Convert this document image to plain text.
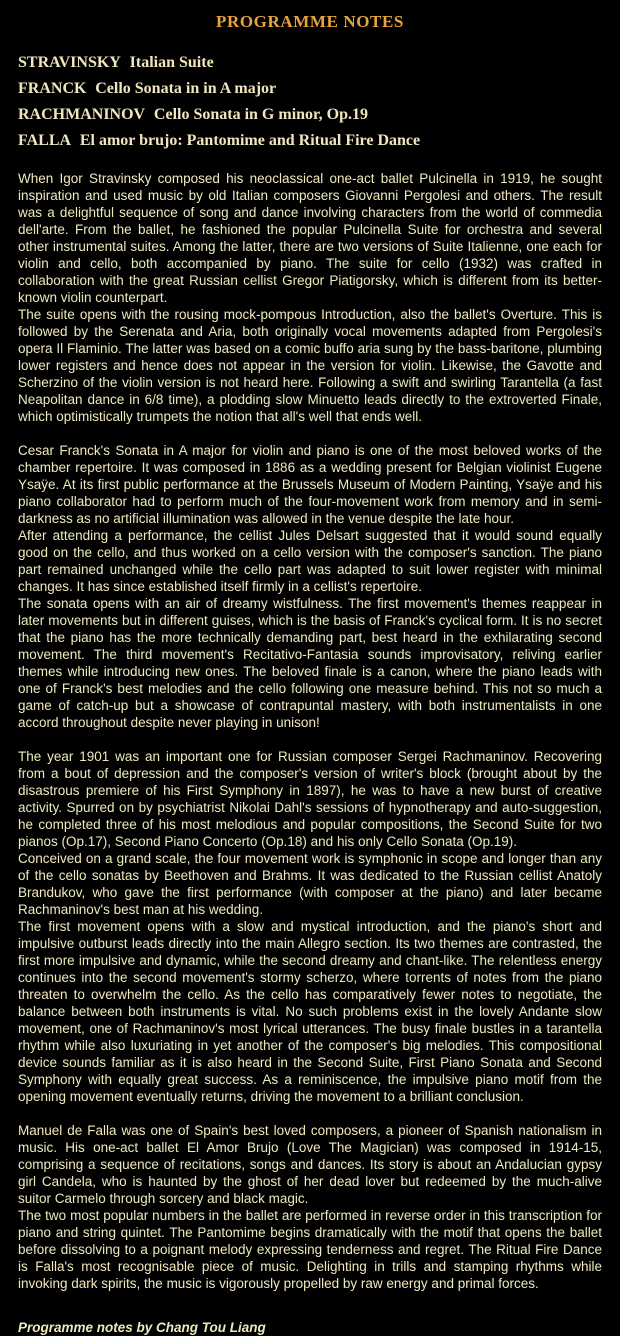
PROGRAMME NOTES
STRAVINSKY Italian Suite
FRANCK Cello Sonata in in A major
RACHMANINOV Cello Sonata in G minor, Op.19
FALLA El amor brujo: Pantomime and Ritual Fire Dance

When Igor Stravinsky composed his neoclassical one-act ballet Pulcinella in 1919, he sought inspiration and used music by old Italian composers Giovanni Pergolesi and others. The result was a delightful sequence of song and dance involving characters from the world of commedia dell'arte. From the ballet, he fashioned the popular Pulcinella Suite for orchestra and several other instrumental suites. Among the latter, there are two versions of Suite Italienne, one each for violin and cello, both accompanied by piano. The suite for cello (1932) was crafted in collaboration with the great Russian cellist Gregor Piatigorsky, which is different from its better-known violin counterpart.

The suite opens with the rousing mock-pompous Introduction, also the ballet's Overture. This is followed by the Serenata and Aria, both originally vocal movements adapted from Pergolesi's opera Il Flaminio. The latter was based on a comic buffo aria sung by the bass-baritone, plumbing lower registers and hence does not appear in the version for violin. Likewise, the Gavotte and Scherzino of the violin version is not heard here. Following a swift and swirling Tarantella (a fast Neapolitan dance in 6/8 time), a plodding slow Minuetto leads directly to the extroverted Finale, which optimistically trumpets the notion that all's well that ends well.

Cesar Franck's Sonata in A major for violin and piano is one of the most beloved works of the chamber repertoire. It was composed in 1886 as a wedding present for Belgian violinist Eugene Ysaÿe. At its first public performance at the Brussels Museum of Modern Painting, Ysaÿe and his piano collaborator had to perform much of the four-movement work from memory and in semi-darkness as no artificial illumination was allowed in the venue despite the late hour.

After attending a performance, the cellist Jules Delsart suggested that it would sound equally good on the cello, and thus worked on a cello version with the composer's sanction. The piano part remained unchanged while the cello part was adapted to suit lower register with minimal changes. It has since established itself firmly in a cellist's repertoire.

The sonata opens with an air of dreamy wistfulness. The first movement's themes reappear in later movements but in different guises, which is the basis of Franck's cyclical form. It is no secret that the piano has the more technically demanding part, best heard in the exhilarating second movement. The third movement's Recitativo-Fantasia sounds improvisatory, reliving earlier themes while introducing new ones. The beloved finale is a canon, where the piano leads with one of Franck's best melodies and the cello following one measure behind. This not so much a game of catch-up but a showcase of contrapuntal mastery, with both instrumentalists in one accord throughout despite never playing in unison!

The year 1901 was an important one for Russian composer Sergei Rachmaninov. Recovering from a bout of depression and the composer's version of writer's block (brought about by the disastrous premiere of his First Symphony in 1897), he was to have a new burst of creative activity. Spurred on by psychiatrist Nikolai Dahl's sessions of hypnotherapy and auto-suggestion, he completed three of his most melodious and popular compositions, the Second Suite for two pianos (Op.17), Second Piano Concerto (Op.18) and his only Cello Sonata (Op.19).

Conceived on a grand scale, the four movement work is symphonic in scope and longer than any of the cello sonatas by Beethoven and Brahms. It was dedicated to the Russian cellist Anatoly Brandukov, who gave the first performance (with composer at the piano) and later became Rachmaninov's best man at his wedding.

The first movement opens with a slow and mystical introduction, and the piano's short and impulsive outburst leads directly into the main Allegro section. Its two themes are contrasted, the first more impulsive and dynamic, while the second dreamy and chant-like. The relentless energy continues into the second movement's stormy scherzo, where torrents of notes from the piano threaten to overwhelm the cello. As the cello has comparatively fewer notes to negotiate, the balance between both instruments is vital. No such problems exist in the lovely Andante slow movement, one of Rachmaninov's most lyrical utterances. The busy finale bustles in a tarantella rhythm while also luxuriating in yet another of the composer's big melodies. This compositional device sounds familiar as it is also heard in the Second Suite, First Piano Sonata and Second Symphony with equally great success. As a reminiscence, the impulsive piano motif from the opening movement eventually returns, driving the movement to a brilliant conclusion.

Manuel de Falla was one of Spain's best loved composers, a pioneer of Spanish nationalism in music. His one-act ballet El Amor Brujo (Love The Magician) was composed in 1914-15, comprising a sequence of recitations, songs and dances. Its story is about an Andalucian gypsy girl Candela, who is haunted by the ghost of her dead lover but redeemed by the much-alive suitor Carmelo through sorcery and black magic.

The two most popular numbers in the ballet are performed in reverse order in this transcription for piano and string quintet. The Pantomime begins dramatically with the motif that opens the ballet before dissolving to a poignant melody expressing tenderness and regret. The Ritual Fire Dance is Falla's most recognisable piece of music. Delighting in trills and stamping rhythms while invoking dark spirits, the music is vigorously propelled by raw energy and primal forces.

Programme notes by Chang Tou Liang
